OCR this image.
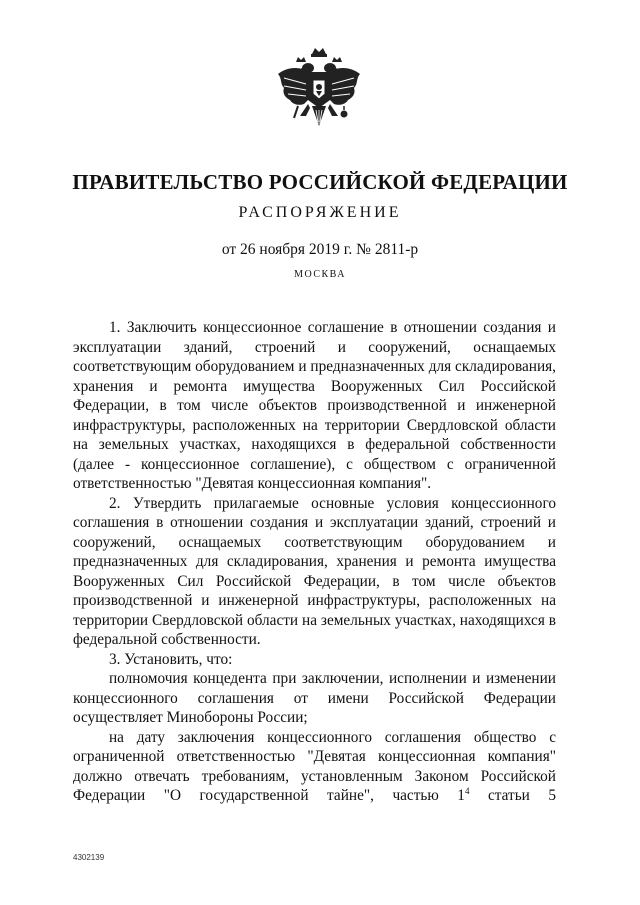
ПРАВИТЕЛЬСТВО РОССИЙСКОЙ ФЕДЕРАЦИИ
РАСПОРЯЖЕНИЕ
от 26 ноября 2019 г. № 2811-р
МОСКВА

1. Заключить концессионное соглашение в отношении создания и эксплуатации зданий, строений и сооружений, оснащаемых соответствующим оборудованием и предназначенных для складирования, хранения и ремонта имущества Вооруженных Сил Российской Федерации, в том числе объектов производственной и инженерной инфраструктуры, расположенных на территории Свердловской области на земельных участках, находящихся в федеральной собственности (далее - концессионное соглашение), с обществом с ограниченной ответственностью "Девятая концессионная компания".

2. Утвердить прилагаемые основные условия концессионного соглашения в отношении создания и эксплуатации зданий, строений и сооружений, оснащаемых соответствующим оборудованием и предназначенных для складирования, хранения и ремонта имущества Вооруженных Сил Российской Федерации, в том числе объектов производственной и инженерной инфраструктуры, расположенных на территории Свердловской области на земельных участках, находящихся в федеральной собственности.

3. Установить, что:

полномочия концедента при заключении, исполнении и изменении концессионного соглашения от имени Российской Федерации осуществляет Минобороны России;

на дату заключения концессионного соглашения общество с ограниченной ответственностью "Девятая концессионная компания" должно отвечать требованиям, установленным Законом Российской Федерации "О государственной тайне", частью $1^4$ статьи 5

4302139
